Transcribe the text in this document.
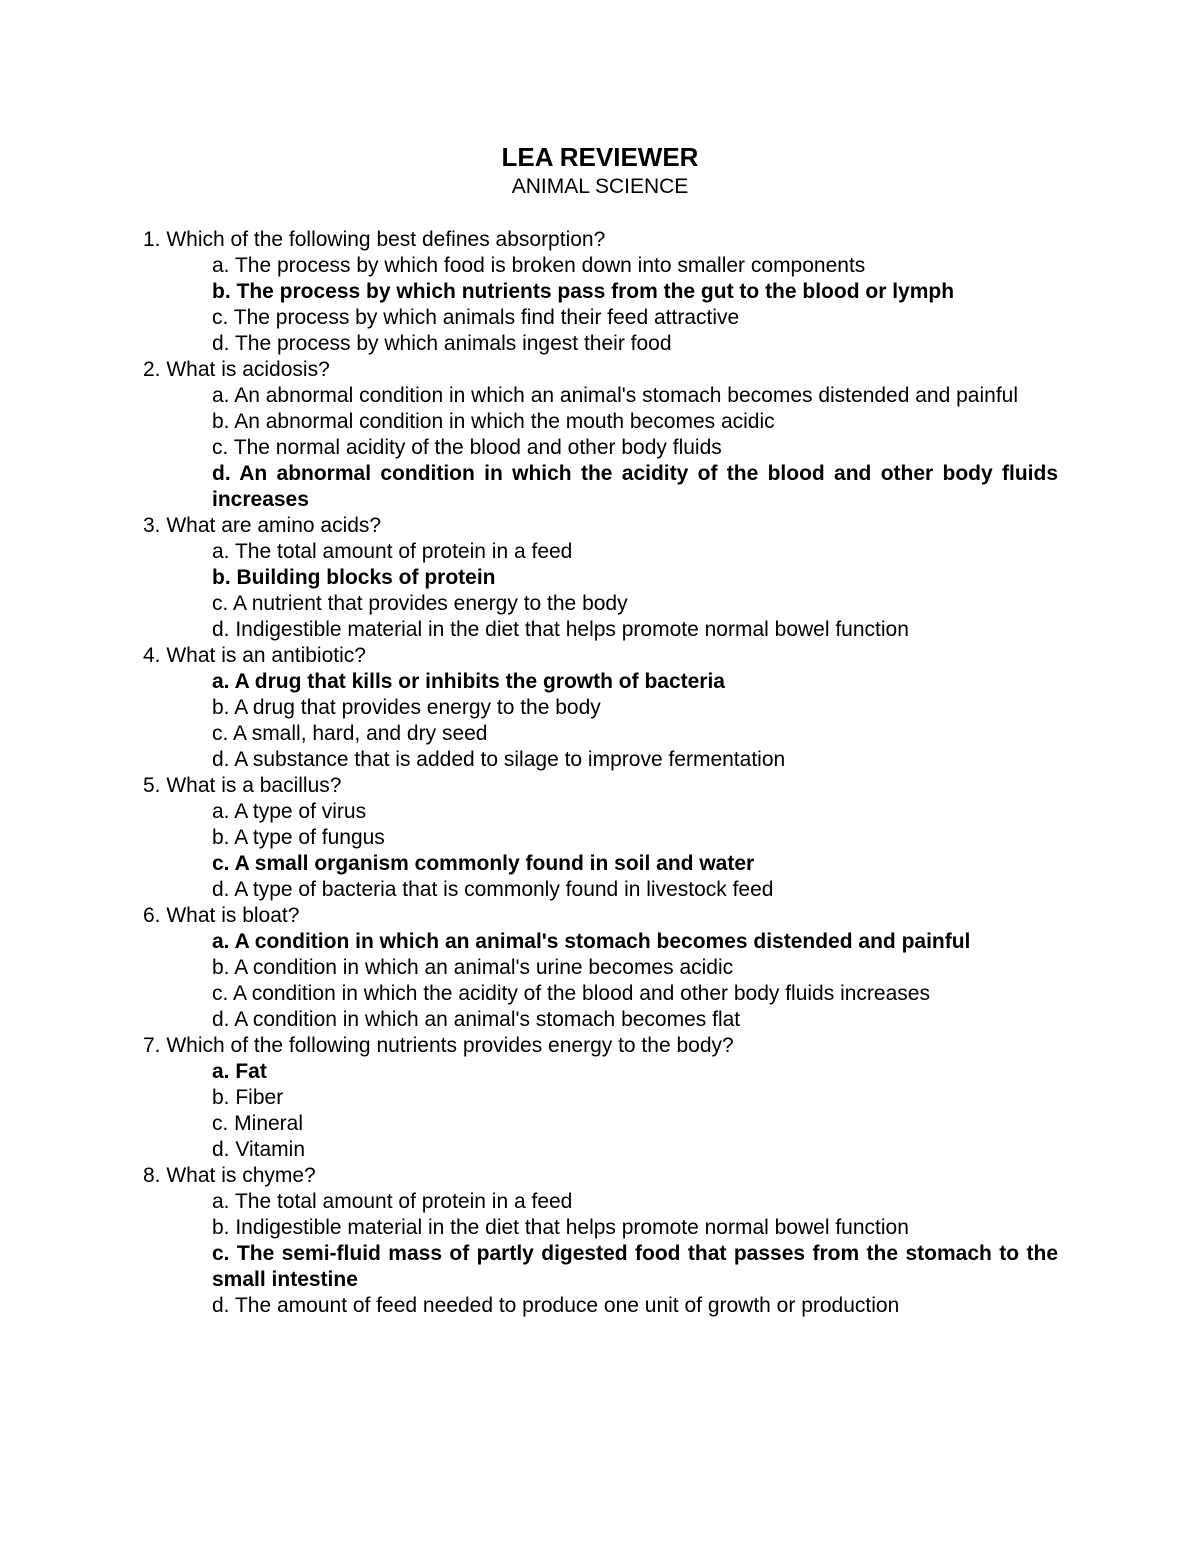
LEA REVIEWER
ANIMAL SCIENCE
1. Which of the following best defines absorption?
a. The process by which food is broken down into smaller components
b. The process by which nutrients pass from the gut to the blood or lymph
c. The process by which animals find their feed attractive
d. The process by which animals ingest their food
2. What is acidosis?
a. An abnormal condition in which an animal's stomach becomes distended and painful
b. An abnormal condition in which the mouth becomes acidic
c. The normal acidity of the blood and other body fluids
d. An abnormal condition in which the acidity of the blood and other body fluids increases
3. What are amino acids?
a. The total amount of protein in a feed
b. Building blocks of protein
c. A nutrient that provides energy to the body
d. Indigestible material in the diet that helps promote normal bowel function
4. What is an antibiotic?
a. A drug that kills or inhibits the growth of bacteria
b. A drug that provides energy to the body
c. A small, hard, and dry seed
d. A substance that is added to silage to improve fermentation
5. What is a bacillus?
a. A type of virus
b. A type of fungus
c. A small organism commonly found in soil and water
d. A type of bacteria that is commonly found in livestock feed
6. What is bloat?
a. A condition in which an animal's stomach becomes distended and painful
b. A condition in which an animal's urine becomes acidic
c. A condition in which the acidity of the blood and other body fluids increases
d. A condition in which an animal's stomach becomes flat
7. Which of the following nutrients provides energy to the body?
a. Fat
b. Fiber
c. Mineral
d. Vitamin
8. What is chyme?
a. The total amount of protein in a feed
b. Indigestible material in the diet that helps promote normal bowel function
c. The semi-fluid mass of partly digested food that passes from the stomach to the small intestine
d. The amount of feed needed to produce one unit of growth or production
